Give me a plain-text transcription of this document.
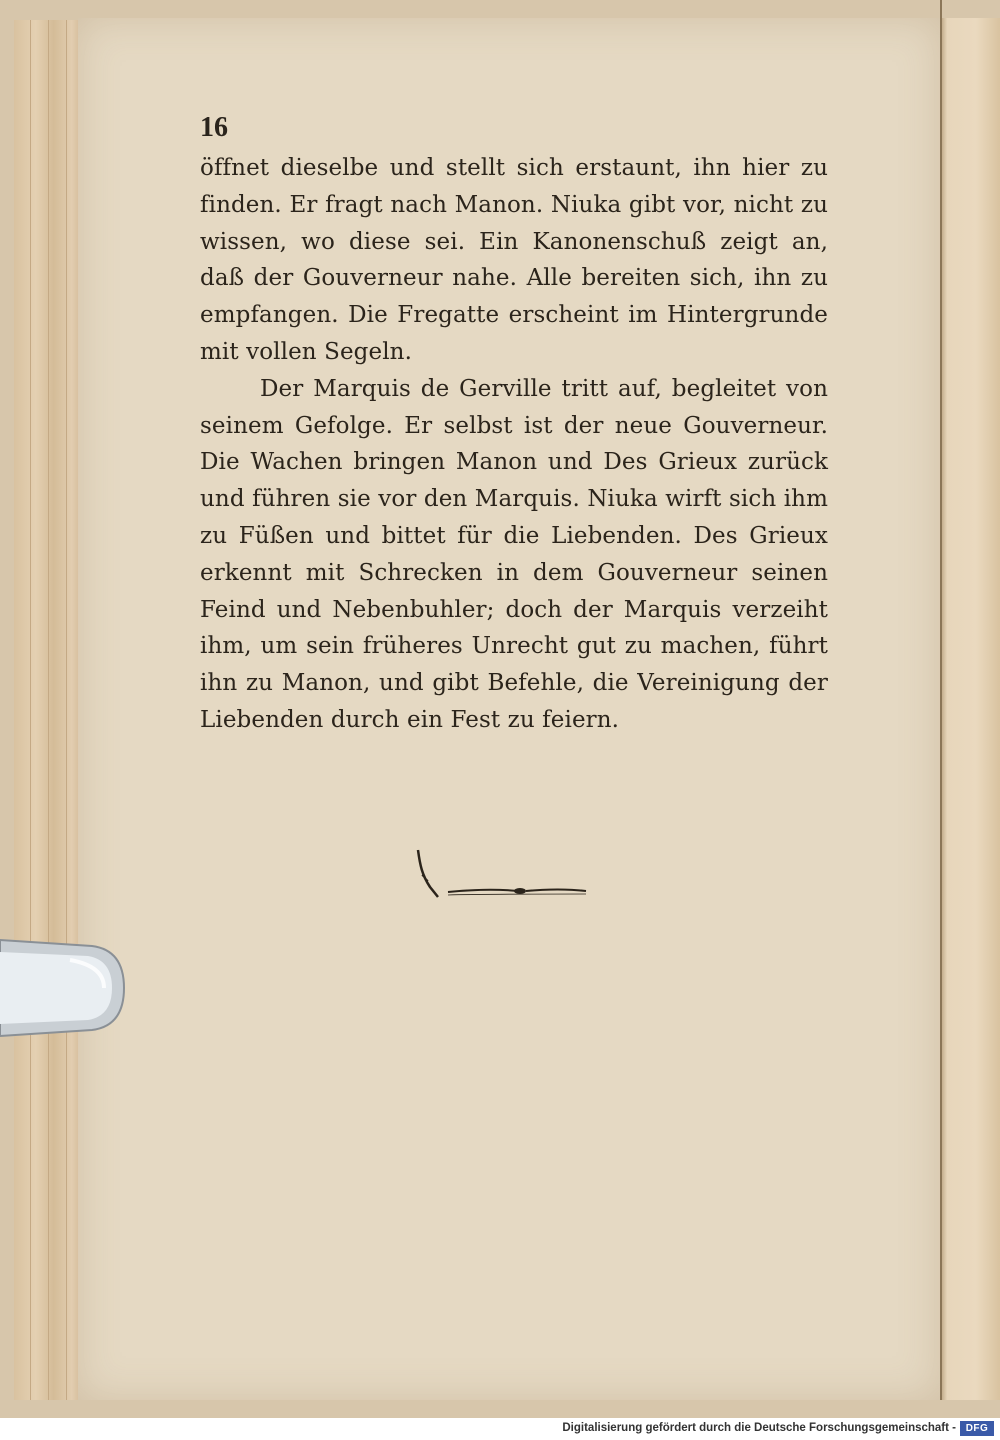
16

öffnet dieselbe und stellt sich erstaunt, ihn hier zu finden. Er fragt nach Manon. Niuka gibt vor, nicht zu wissen, wo diese sei. Ein Kanonenschuß zeigt an, daß der Gouverneur nahe. Alle bereiten sich, ihn zu empfangen. Die Fregatte erscheint im Hintergrunde mit vollen Segeln.

Der Marquis de Gerville tritt auf, begleitet von seinem Gefolge. Er selbst ist der neue Gouverneur. Die Wachen bringen Manon und Des Grieux zurück und führen sie vor den Marquis. Niuka wirft sich ihm zu Füßen und bittet für die Liebenden. Des Grieux erkennt mit Schrecken in dem Gouverneur seinen Feind und Nebenbuhler; doch der Marquis verzeiht ihm, um sein früheres Unrecht gut zu machen, führt ihn zu Manon, und gibt Befehle, die Vereinigung der Liebenden durch ein Fest zu feiern.

Digitalisierung gefördert durch die Deutsche Forschungsgemeinschaft - DFG
